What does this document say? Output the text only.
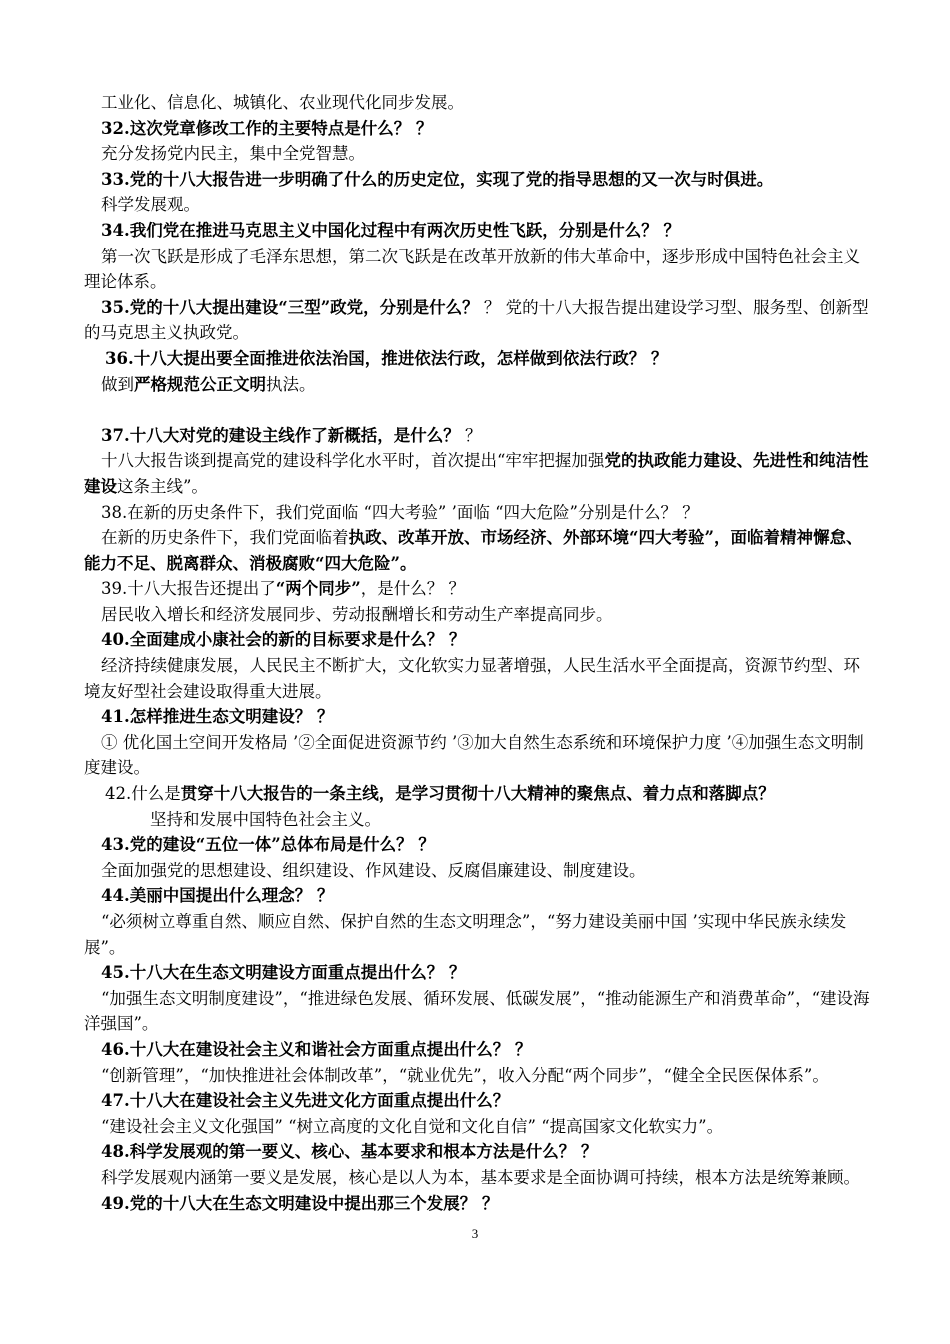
工业化、信息化、城镇化、农业现代化同步发展。

32.这次党章修改工作的主要特点是什么？ ？

充分发扬党内民主，集中全党智慧。

33.党的十八大报告进一步明确了什么的历史定位，实现了党的指导思想的又一次与时俱进。

科学发展观。

34.我们党在推进马克思主义中国化过程中有两次历史性飞跃，分别是什么？ ？

第一次飞跃是形成了毛泽东思想，第二次飞跃是在改革开放新的伟大革命中，逐步形成中国特色社会主义理论体系。

35.党的十八大提出建设“三型”政党，分别是什么？ ？ 党的十八大报告提出建设学习型、服务型、创新型的马克思主义执政党。

36.十八大提出要全面推进依法治国，推进依法行政，怎样做到依法行政？ ？

做到严格规范公正文明执法。

37.十八大对党的建设主线作了新概括，是什么？ ？

十八大报告谈到提高党的建设科学化水平时，首次提出“牢牢把握加强党的执政能力建设、先进性和纯洁性建设这条主线”。

38.在新的历史条件下，我们党面临 “四大考验” ’面临 “四大危险”分别是什么？ ？

在新的历史条件下，我们党面临着执政、改革开放、市场经济、外部环境“四大考验”，面临着精神懈怠、能力不足、脱离群众、消极腐败“四大危险”。

39.十八大报告还提出了“两个同步”，是什么？ ？

居民收入增长和经济发展同步、劳动报酬增长和劳动生产率提高同步。

40.全面建成小康社会的新的目标要求是什么？ ？

经济持续健康发展，人民民主不断扩大，文化软实力显著增强，人民生活水平全面提高，资源节约型、环境友好型社会建设取得重大进展。

41.怎样推进生态文明建设？ ？

① 优化国土空间开发格局 ’②全面促进资源节约 ’③加大自然生态系统和环境保护力度 ’④加强生态文明制度建设。

42.什么是贯穿十八大报告的一条主线，是学习贯彻十八大精神的聚焦点、着力点和落脚点？

坚持和发展中国特色社会主义。

43.党的建设“五位一体”总体布局是什么？ ？

全面加强党的思想建设、组织建设、作风建设、反腐倡廉建设、制度建设。

44.美丽中国提出什么理念？ ？

“必须树立尊重自然、顺应自然、保护自然的生态文明理念”，“努力建设美丽中国 ’实现中华民族永续发展”。

45.十八大在生态文明建设方面重点提出什么？ ？

“加强生态文明制度建设”，“推进绿色发展、循环发展、低碳发展”，“推动能源生产和消费革命”，“建设海洋强国”。

46.十八大在建设社会主义和谐社会方面重点提出什么？ ？

“创新管理”，“加快推进社会体制改革”，“就业优先”，收入分配“两个同步”，“健全全民医保体系”。

47.十八大在建设社会主义先进文化方面重点提出什么？

“建设社会主义文化强国” “树立高度的文化自觉和文化自信” “提高国家文化软实力”。

48.科学发展观的第一要义、核心、基本要求和根本方法是什么？ ？

科学发展观内涵第一要义是发展，核心是以人为本，基本要求是全面协调可持续，根本方法是统筹兼顾。

49.党的十八大在生态文明建设中提出那三个发展？ ？

3
